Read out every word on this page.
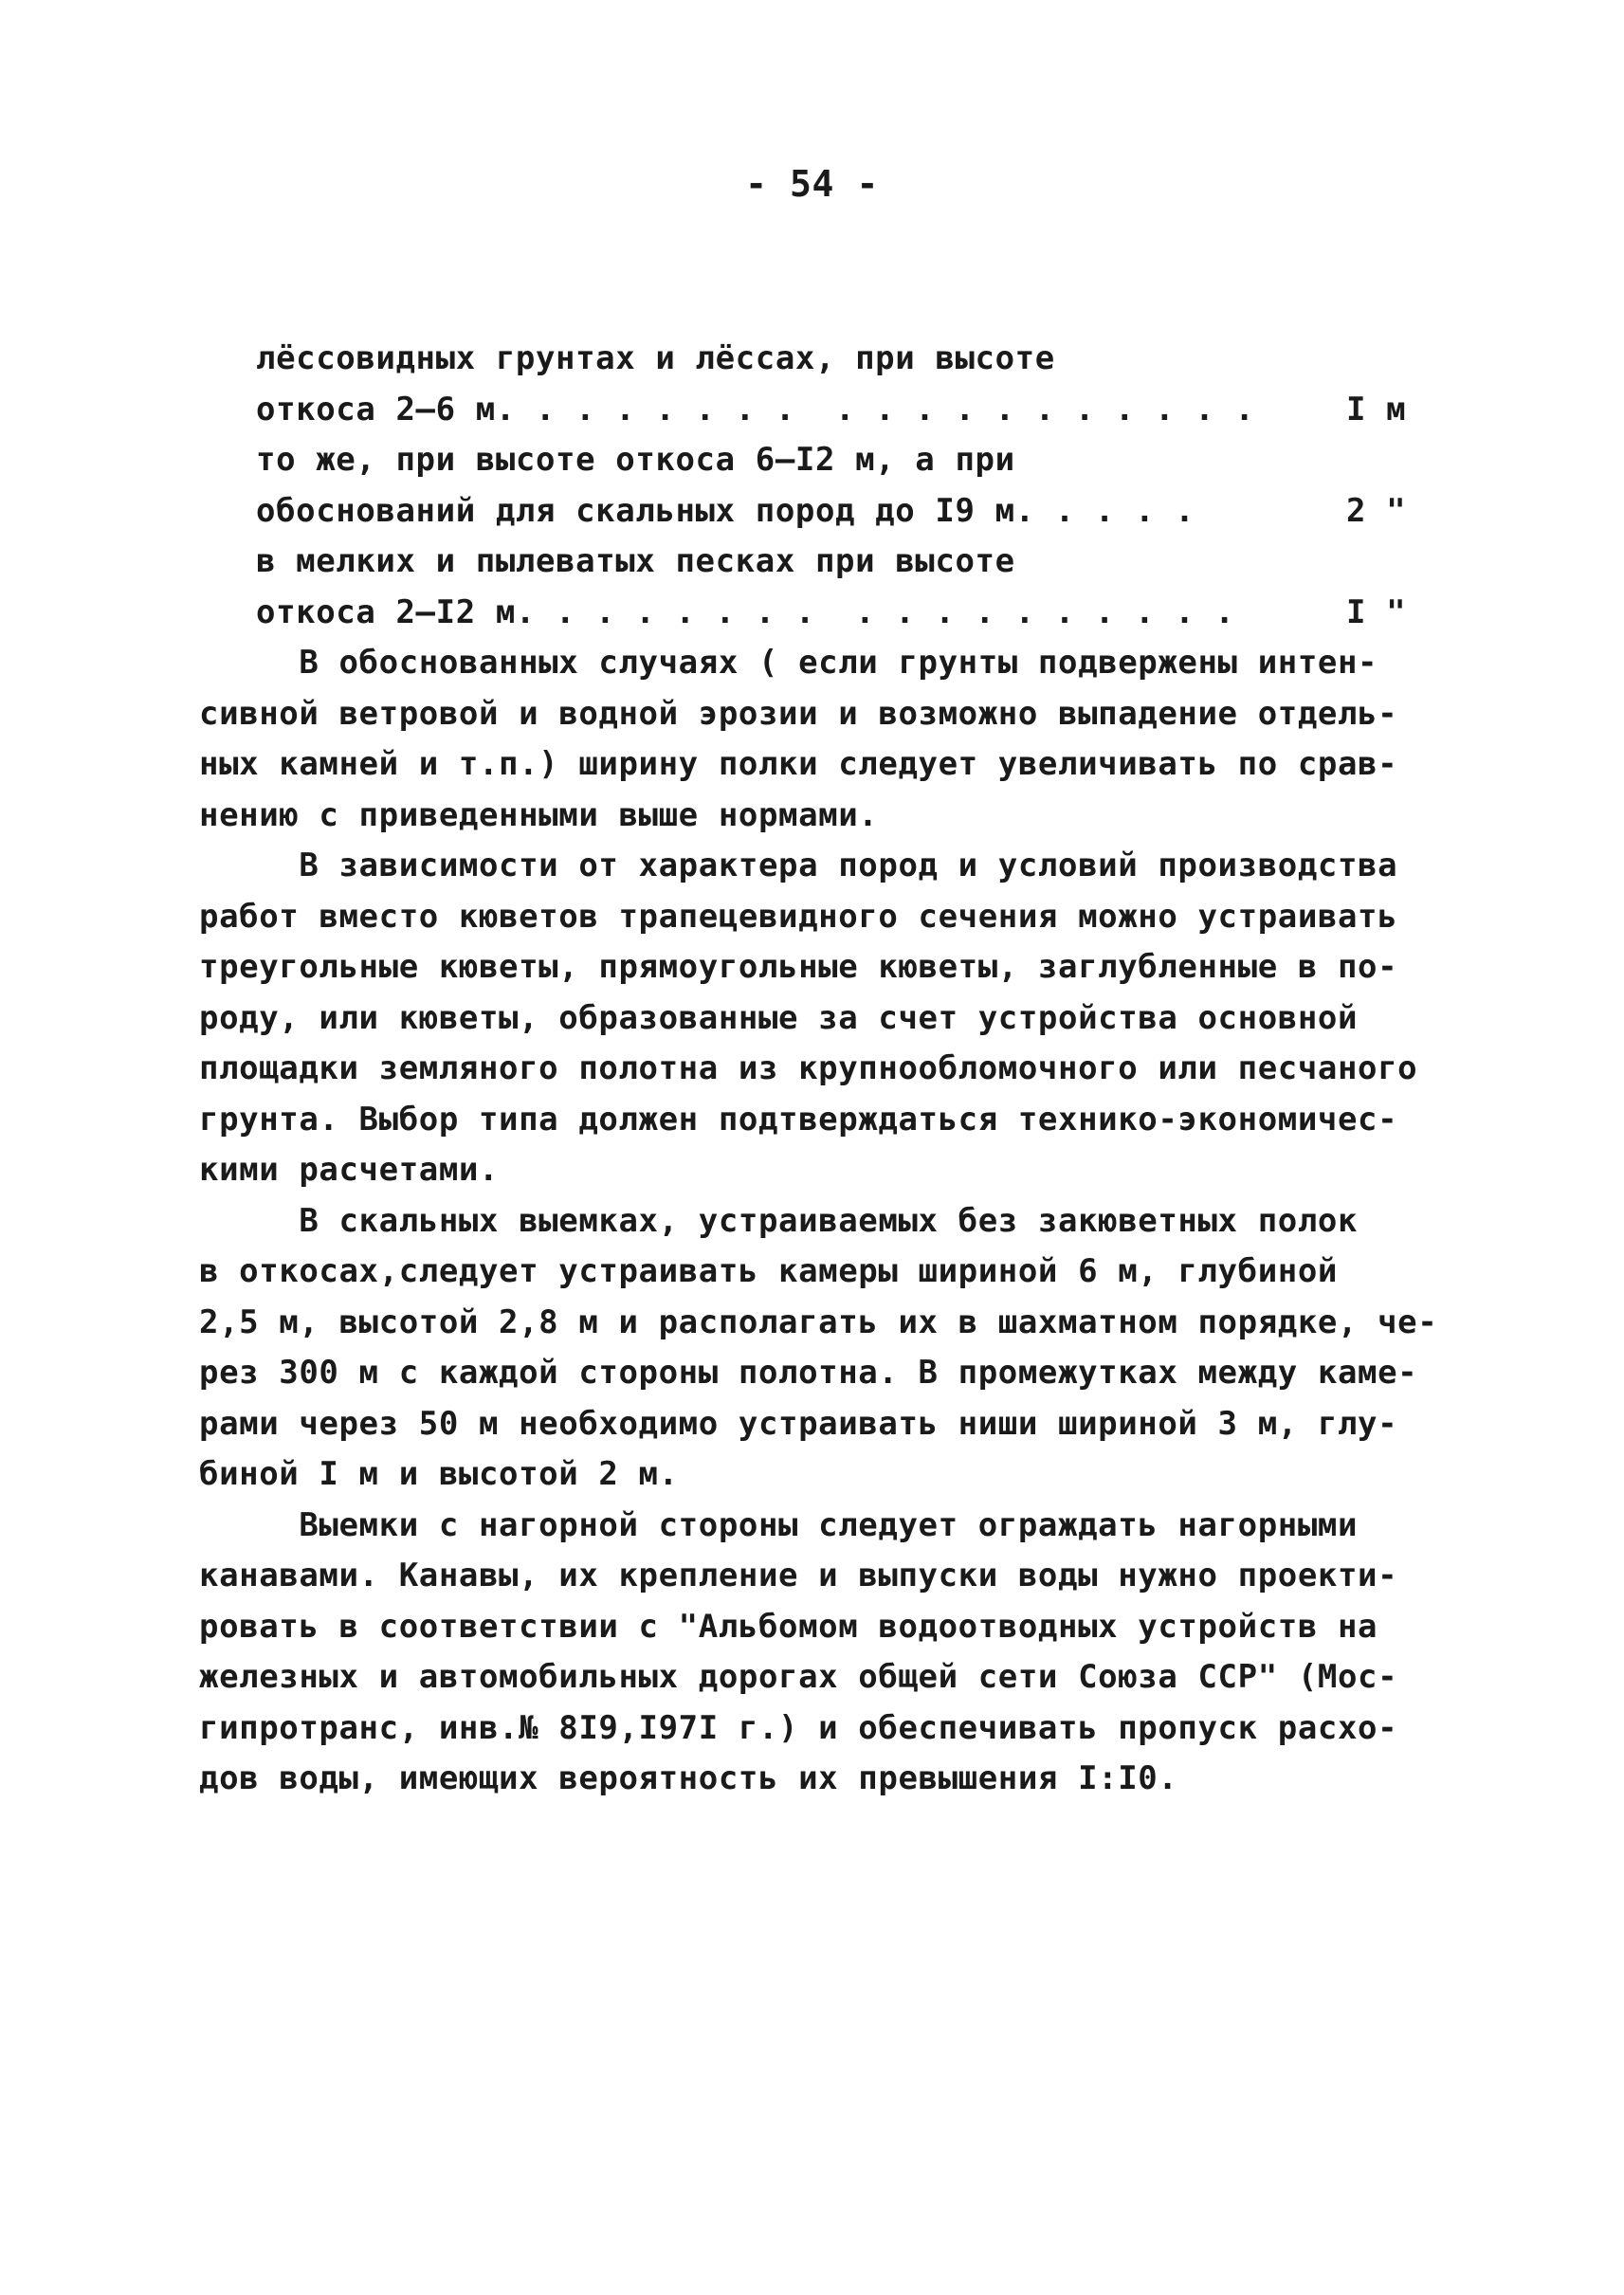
- 54 -
лёссовидных грунтах и лёссах, при высоте
откоса 2–6 м. . . . . . . .  . . . . . . . . . . .	I м
то же, при высоте откоса 6–I2 м, а при
обоснований для скальных пород до I9 м. . . . .	2 "
в мелких и пылеватых песках при высоте
откоса 2–I2 м. . . . . . . .  . . . . . . . . . .	I "
В обоснованных случаях ( если грунты подвержены интен-
сивной ветровой и водной эрозии и возможно выпадение отдель-
ных камней и т.п.) ширину полки следует увеличивать по срав-
нению с приведенными выше нормами.
В зависимости от характера пород и условий производства
работ вместо кюветов трапецевидного сечения можно устраивать
треугольные кюветы, прямоугольные кюветы, заглубленные в по-
роду, или кюветы, образованные за счет устройства основной
площадки земляного полотна из крупнообломочного или песчаного
грунта. Выбор типа должен подтверждаться технико-экономичес-
кими расчетами.
В скальных выемках, устраиваемых без закюветных полок
в откосах,следует устраивать камеры шириной 6 м, глубиной
2,5 м, высотой 2,8 м и располагать их в шахматном порядке, че-
рез 300 м с каждой стороны полотна. В промежутках между каме-
рами через 50 м необходимо устраивать ниши шириной 3 м, глу-
биной I м и высотой 2 м.
Выемки с нагорной стороны следует ограждать нагорными
канавами. Канавы, их крепление и выпуски воды нужно проекти-
ровать в соответствии с "Альбомом водоотводных устройств на
железных и автомобильных дорогах общей сети Союза ССР" (Мос-
гипротранс, инв.№ 8I9,I97I г.) и обеспечивать пропуск расхо-
дов воды, имеющих вероятность их превышения I:I0.
